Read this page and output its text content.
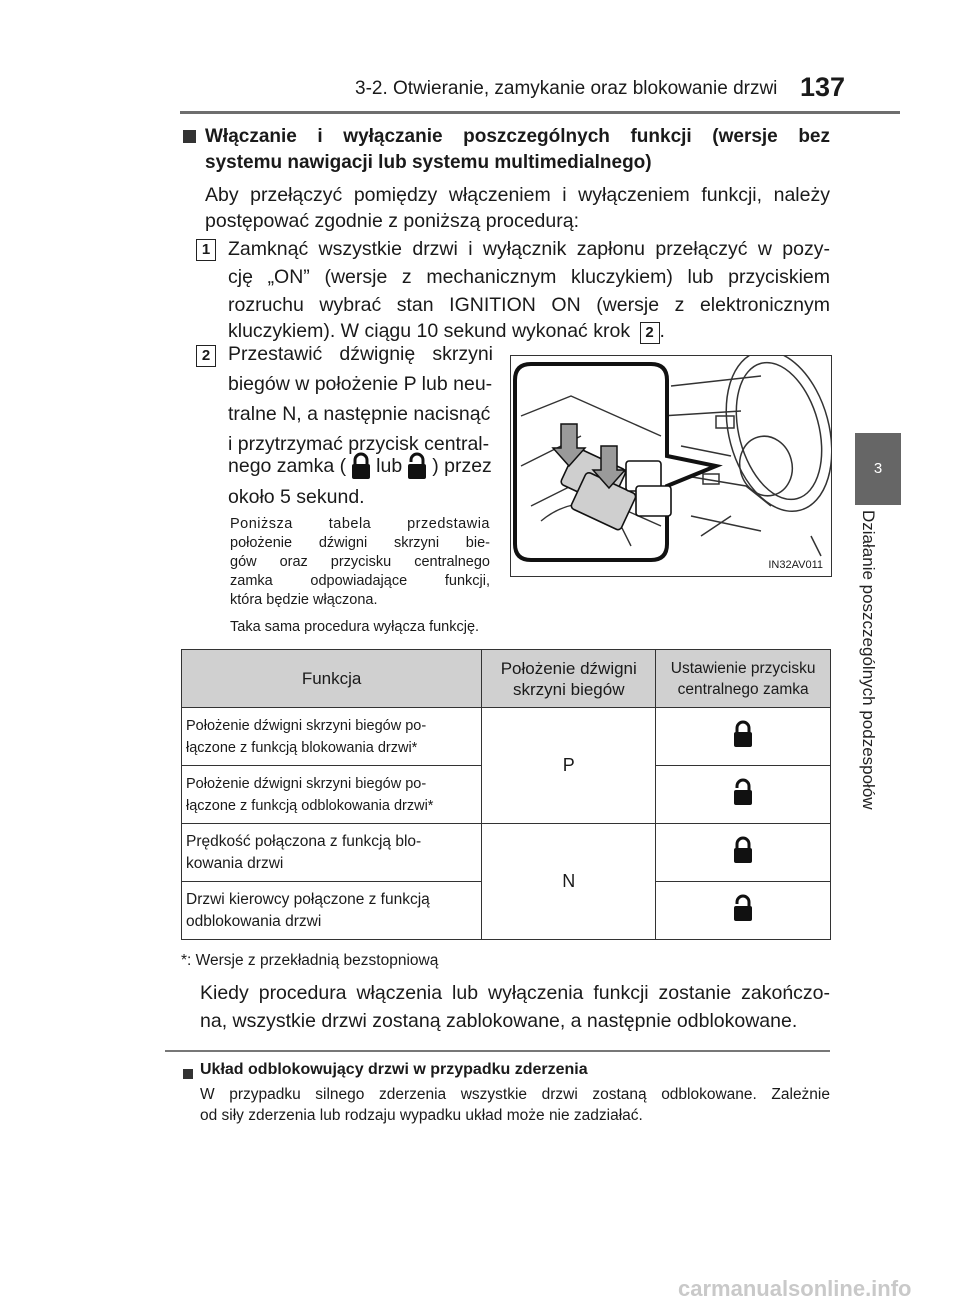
3-2. Otwieranie, zamykanie oraz blokowanie drzwi 137
3
Działanie poszczególnych podzespołów
Włączanie i wyłączanie poszczególnych funkcji (wersje bez
systemu nawigacji lub systemu multimedialnego)
Aby przełączyć pomiędzy włączeniem i wyłączeniem funkcji, należy
postępować zgodnie z poniższą procedurą:
1 Zamknąć wszystkie drzwi i wyłącznik zapłonu przełączyć w pozy-
cję „ON” (wersje z mechanicznym kluczykiem) lub przyciskiem
rozruchu wybrać stan IGNITION ON (wersje z elektronicznym
kluczykiem). W ciągu 10 sekund wykonać krok 2 .
2 Przestawić dźwignię skrzyni
biegów w położenie P lub neu-
tralne N, a następnie nacisnąć
i przytrzymać przycisk central-
nego zamka ( lub ) przez
około 5 sekund.
Poniższa tabela przedstawia
położenie dźwigni skrzyni bie-
gów oraz przycisku centralnego
zamka odpowiadające funkcji,
która będzie włączona.
Taka sama procedura wyłącza funkcję.
IN32AV011
Funkcja	Położenie dźwigni skrzyni biegów	Ustawienie przycisku centralnego zamka

Położenie dźwigni skrzyni biegów po-
łączone z funkcją blokowania drzwi*	P	

Położenie dźwigni skrzyni biegów po-
łączone z funkcją odblokowania drzwi*

Prędkość połączona z funkcją blo-
kowania drzwi	N	

Drzwi kierowcy połączone z funkcją
odblokowania drzwi

*: Wersje z przekładnią bezstopniową
Kiedy procedura włączenia lub wyłączenia funkcji zostanie zakończo-
na, wszystkie drzwi zostaną zablokowane, a następnie odblokowane.
Układ odblokowujący drzwi w przypadku zderzenia
W przypadku silnego zderzenia wszystkie drzwi zostaną odblokowane. Zależnie
od siły zderzenia lub rodzaju wypadku układ może nie zadziałać.
carmanualsonline.info
